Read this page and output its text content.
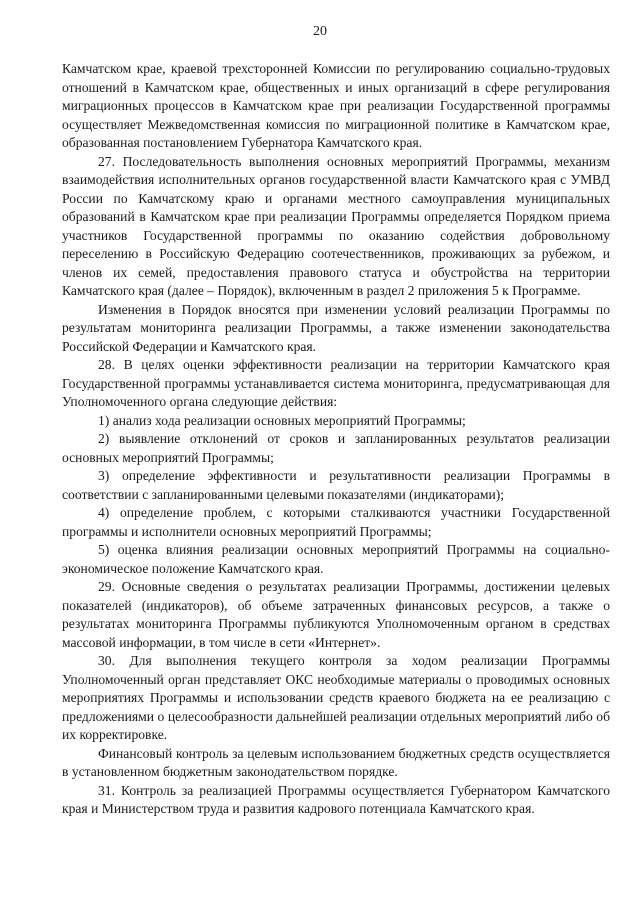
20

Камчатском крае, краевой трехсторонней Комиссии по регулированию социально-трудовых отношений в Камчатском крае, общественных и иных организаций в сфере регулирования миграционных процессов в Камчатском крае при реализации Государственной программы осуществляет Межведомственная комиссия по миграционной политике в Камчатском крае, образованная постановлением Губернатора Камчатского края.

27. Последовательность выполнения основных мероприятий Программы, механизм взаимодействия исполнительных органов государственной власти Камчатского края с УМВД России по Камчатскому краю и органами местного самоуправления муниципальных образований в Камчатском крае при реализации Программы определяется Порядком приема участников Государственной программы по оказанию содействия добровольному переселению в Российскую Федерацию соотечественников, проживающих за рубежом, и членов их семей, предоставления правового статуса и обустройства на территории Камчатского края (далее – Порядок), включенным в раздел 2 приложения 5 к Программе.

Изменения в Порядок вносятся при изменении условий реализации Программы по результатам мониторинга реализации Программы, а также изменении законодательства Российской Федерации и Камчатского края.

28. В целях оценки эффективности реализации на территории Камчатского края Государственной программы устанавливается система мониторинга, предусматривающая для Уполномоченного органа следующие действия:

1) анализ хода реализации основных мероприятий Программы;

2) выявление отклонений от сроков и запланированных результатов реализации основных мероприятий Программы;

3) определение эффективности и результативности реализации Программы в соответствии с запланированными целевыми показателями (индикаторами);

4) определение проблем, с которыми сталкиваются участники Государственной программы и исполнители основных мероприятий Программы;

5) оценка влияния реализации основных мероприятий Программы на социально-экономическое положение Камчатского края.

29. Основные сведения о результатах реализации Программы, достижении целевых показателей (индикаторов), об объеме затраченных финансовых ресурсов, а также о результатах мониторинга Программы публикуются Уполномоченным органом в средствах массовой информации, в том числе в сети «Интернет».

30. Для выполнения текущего контроля за ходом реализации Программы Уполномоченный орган представляет ОКС необходимые материалы о проводимых основных мероприятиях Программы и использовании средств краевого бюджета на ее реализацию с предложениями о целесообразности дальнейшей реализации отдельных мероприятий либо об их корректировке.

Финансовый контроль за целевым использованием бюджетных средств осуществляется в установленном бюджетным законодательством порядке.

31. Контроль за реализацией Программы осуществляется Губернатором Камчатского края и Министерством труда и развития кадрового потенциала Камчатского края.
